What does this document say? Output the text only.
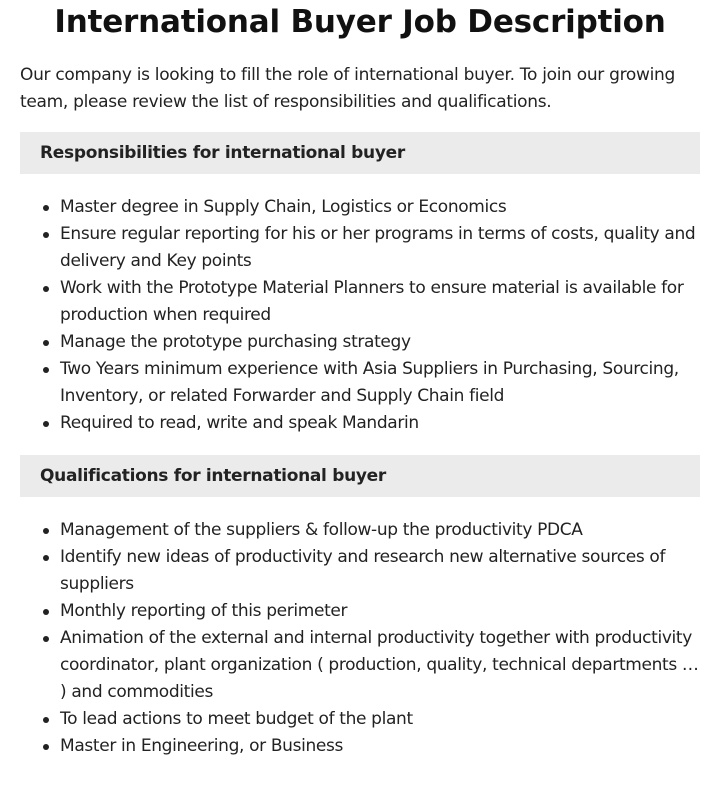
International Buyer Job Description

Our company is looking to fill the role of international buyer. To join our growing team, please review the list of responsibilities and qualifications.

Responsibilities for international buyer
Master degree in Supply Chain, Logistics or Economics
Ensure regular reporting for his or her programs in terms of costs, quality and delivery and Key points
Work with the Prototype Material Planners to ensure material is available for production when required
Manage the prototype purchasing strategy
Two Years minimum experience with Asia Suppliers in Purchasing, Sourcing, Inventory, or related Forwarder and Supply Chain field
Required to read, write and speak Mandarin
Qualifications for international buyer
Management of the suppliers & follow-up the productivity PDCA
Identify new ideas of productivity and research new alternative sources of suppliers
Monthly reporting of this perimeter
Animation of the external and internal productivity together with productivity coordinator, plant organization ( production, quality, technical departments … ) and commodities
To lead actions to meet budget of the plant
Master in Engineering, or Business
